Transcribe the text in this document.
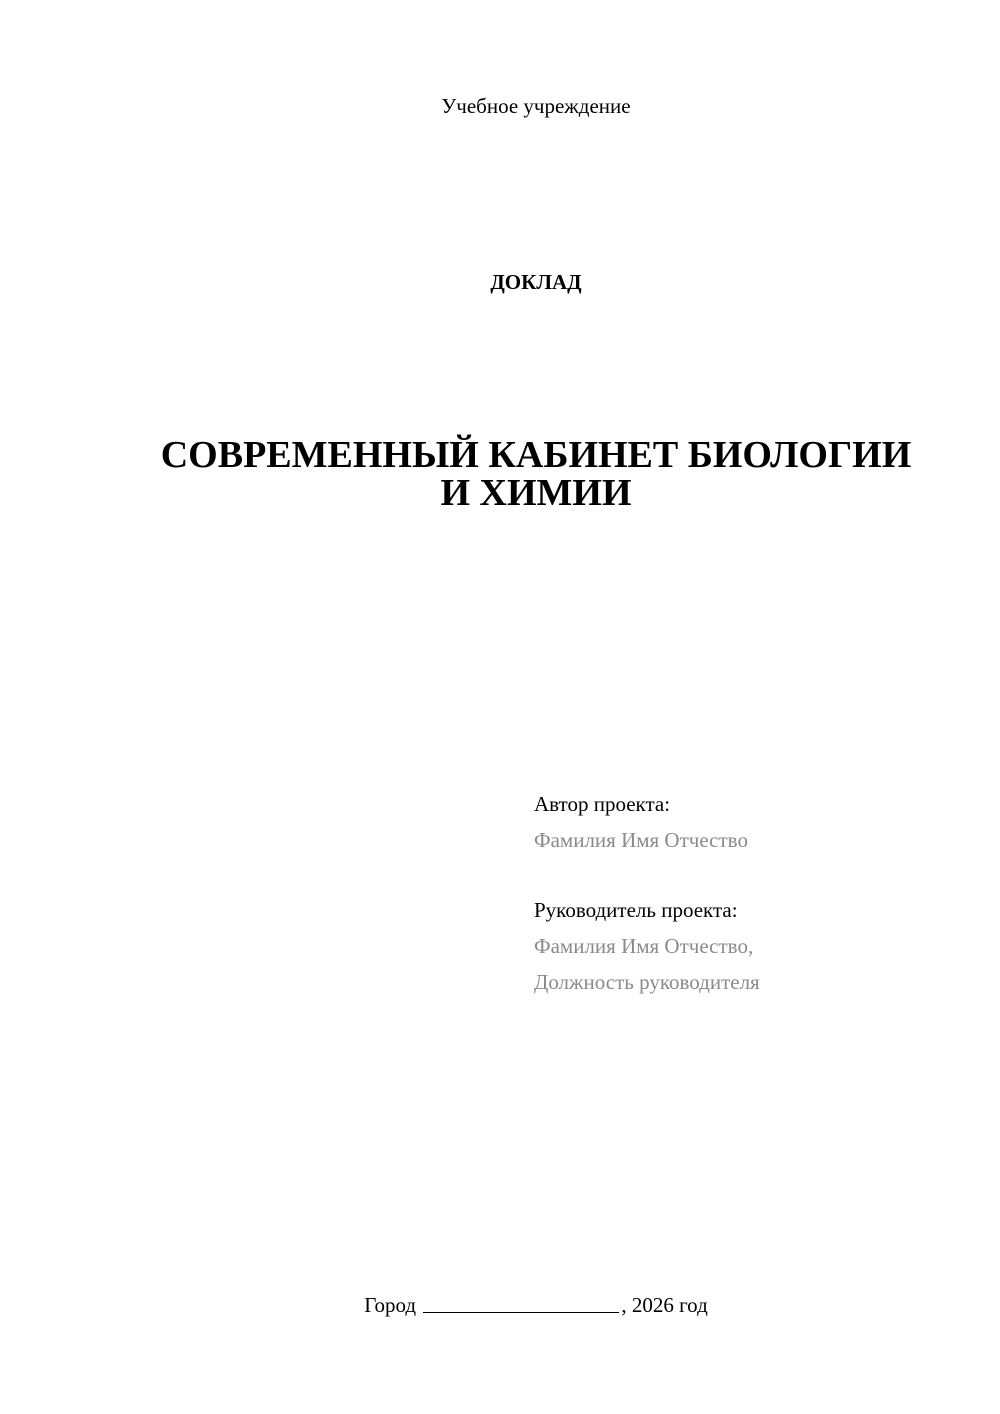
Учебное учреждение
ДОКЛАД
СОВРЕМЕННЫЙ КАБИНЕТ БИОЛОГИИ
И ХИМИИ
Автор проекта:
Фамилия Имя Отчество
Руководитель проекта:
Фамилия Имя Отчество,
Должность руководителя
Город	, 2026 год
